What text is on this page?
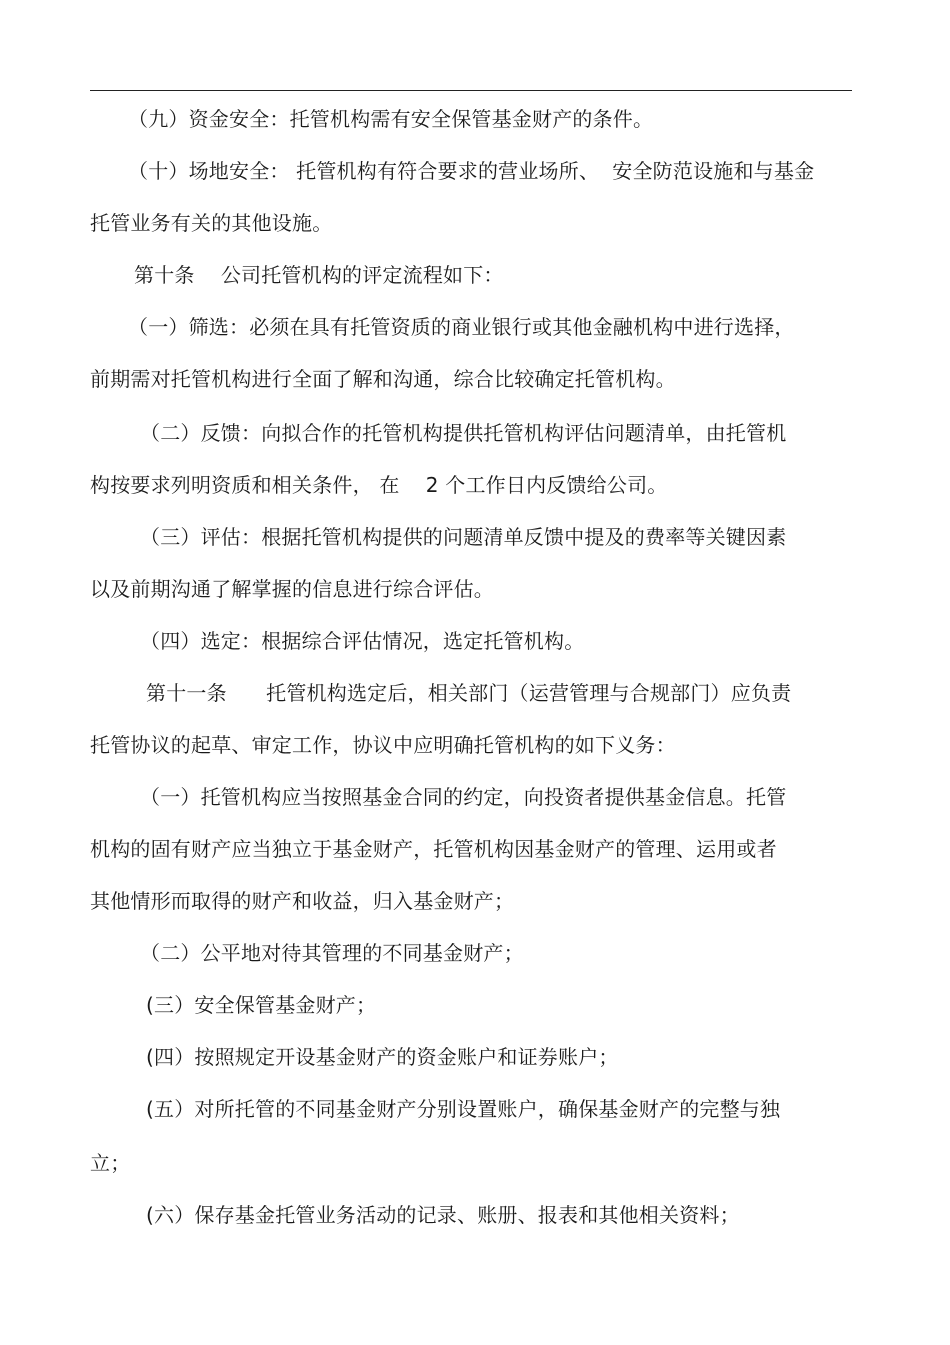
（九）资金安全：托管机构需有安全保管基金财产的条件。
（十）场地安全： 托管机构有符合要求的营业场所、  安全防范设施和与基金
托管业务有关的其他设施。
第十条    公司托管机构的评定流程如下：
（一）筛选：必须在具有托管资质的商业银行或其他金融机构中进行选择，
前期需对托管机构进行全面了解和沟通，综合比较确定托管机构。
（二）反馈：向拟合作的托管机构提供托管机构评估问题清单，由托管机
构按要求列明资质和相关条件， 在    2 个工作日内反馈给公司。
（三）评估：根据托管机构提供的问题清单反馈中提及的费率等关键因素
以及前期沟通了解掌握的信息进行综合评估。
（四）选定：根据综合评估情况，选定托管机构。
第十一条      托管机构选定后，相关部门（运营管理与合规部门）应负责
托管协议的起草、审定工作，协议中应明确托管机构的如下义务：
（一）托管机构应当按照基金合同的约定，向投资者提供基金信息。托管
机构的固有财产应当独立于基金财产，托管机构因基金财产的管理、运用或者
其他情形而取得的财产和收益，归入基金财产；
（二）公平地对待其管理的不同基金财产；
(三）安全保管基金财产；
(四）按照规定开设基金财产的资金账户和证券账户；
(五）对所托管的不同基金财产分别设置账户，确保基金财产的完整与独
立；
(六）保存基金托管业务活动的记录、账册、报表和其他相关资料；
